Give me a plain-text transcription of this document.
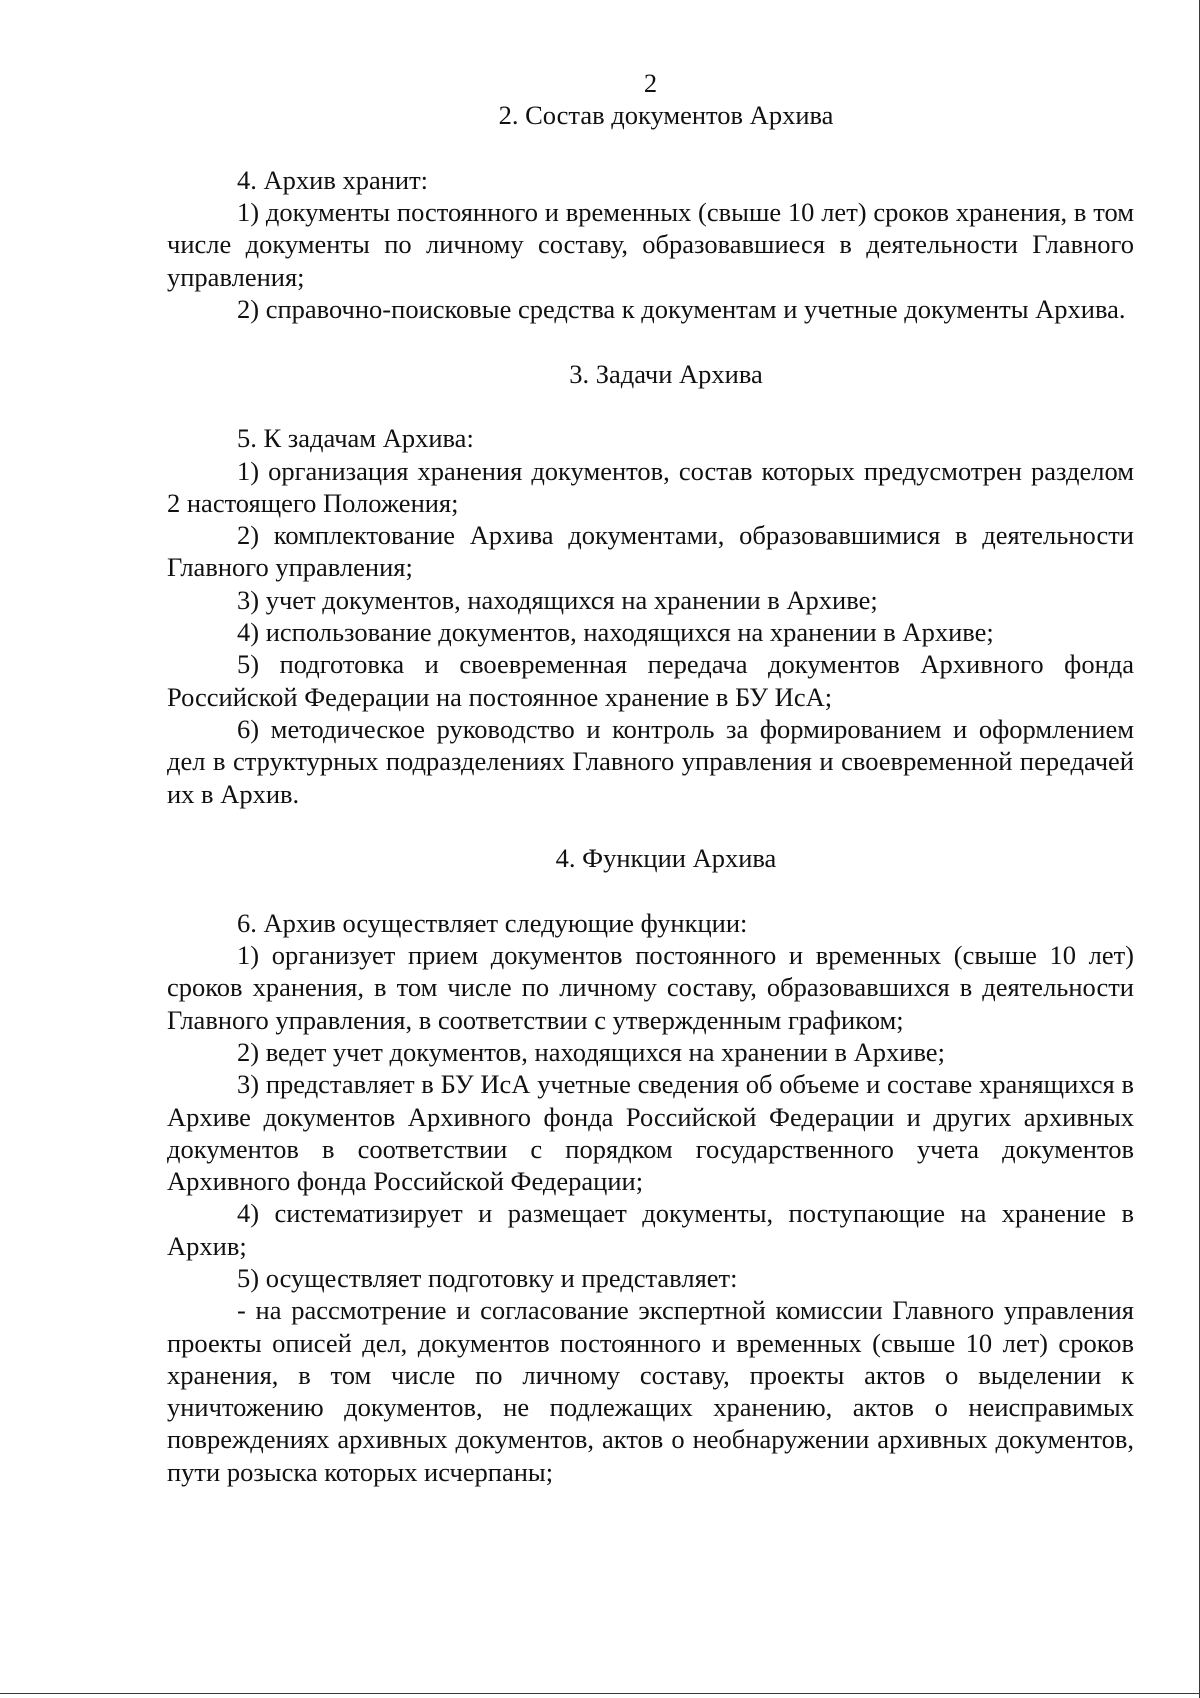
2
2. Состав документов Архива
4. Архив хранит:
1) документы постоянного и временных (свыше 10 лет) сроков хранения, в том числе документы по личному составу, образовавшиеся в деятельности Главного управления;
2) справочно-поисковые средства к документам и учетные документы Архива.
3. Задачи Архива
5. К задачам Архива:
1) организация хранения документов, состав которых предусмотрен разделом 2 настоящего Положения;
2) комплектование Архива документами, образовавшимися в деятельности Главного управления;
3) учет документов, находящихся на хранении в Архиве;
4) использование документов, находящихся на хранении в Архиве;
5) подготовка и своевременная передача документов Архивного фонда Российской Федерации на постоянное хранение в БУ ИсА;
6) методическое руководство и контроль за формированием и оформлением дел в структурных подразделениях Главного управления и своевременной передачей их в Архив.
4. Функции Архива
6. Архив осуществляет следующие функции:
1) организует прием документов постоянного и временных (свыше 10 лет) сроков хранения, в том числе по личному составу, образовавшихся в деятельности Главного управления, в соответствии с утвержденным графиком;
2) ведет учет документов, находящихся на хранении в Архиве;
3) представляет в БУ ИсА учетные сведения об объеме и составе хранящихся в Архиве документов Архивного фонда Российской Федерации и других архивных документов в соответствии с порядком государственного учета документов Архивного фонда Российской Федерации;
4) систематизирует и размещает документы, поступающие на хранение в Архив;
5) осуществляет подготовку и представляет:
- на рассмотрение и согласование экспертной комиссии Главного управления проекты описей дел, документов постоянного и временных (свыше 10 лет) сроков хранения, в том числе по личному составу, проекты актов о выделении к уничтожению документов, не подлежащих хранению, актов о неисправимых повреждениях архивных документов, актов о необнаружении архивных документов, пути розыска которых исчерпаны;
